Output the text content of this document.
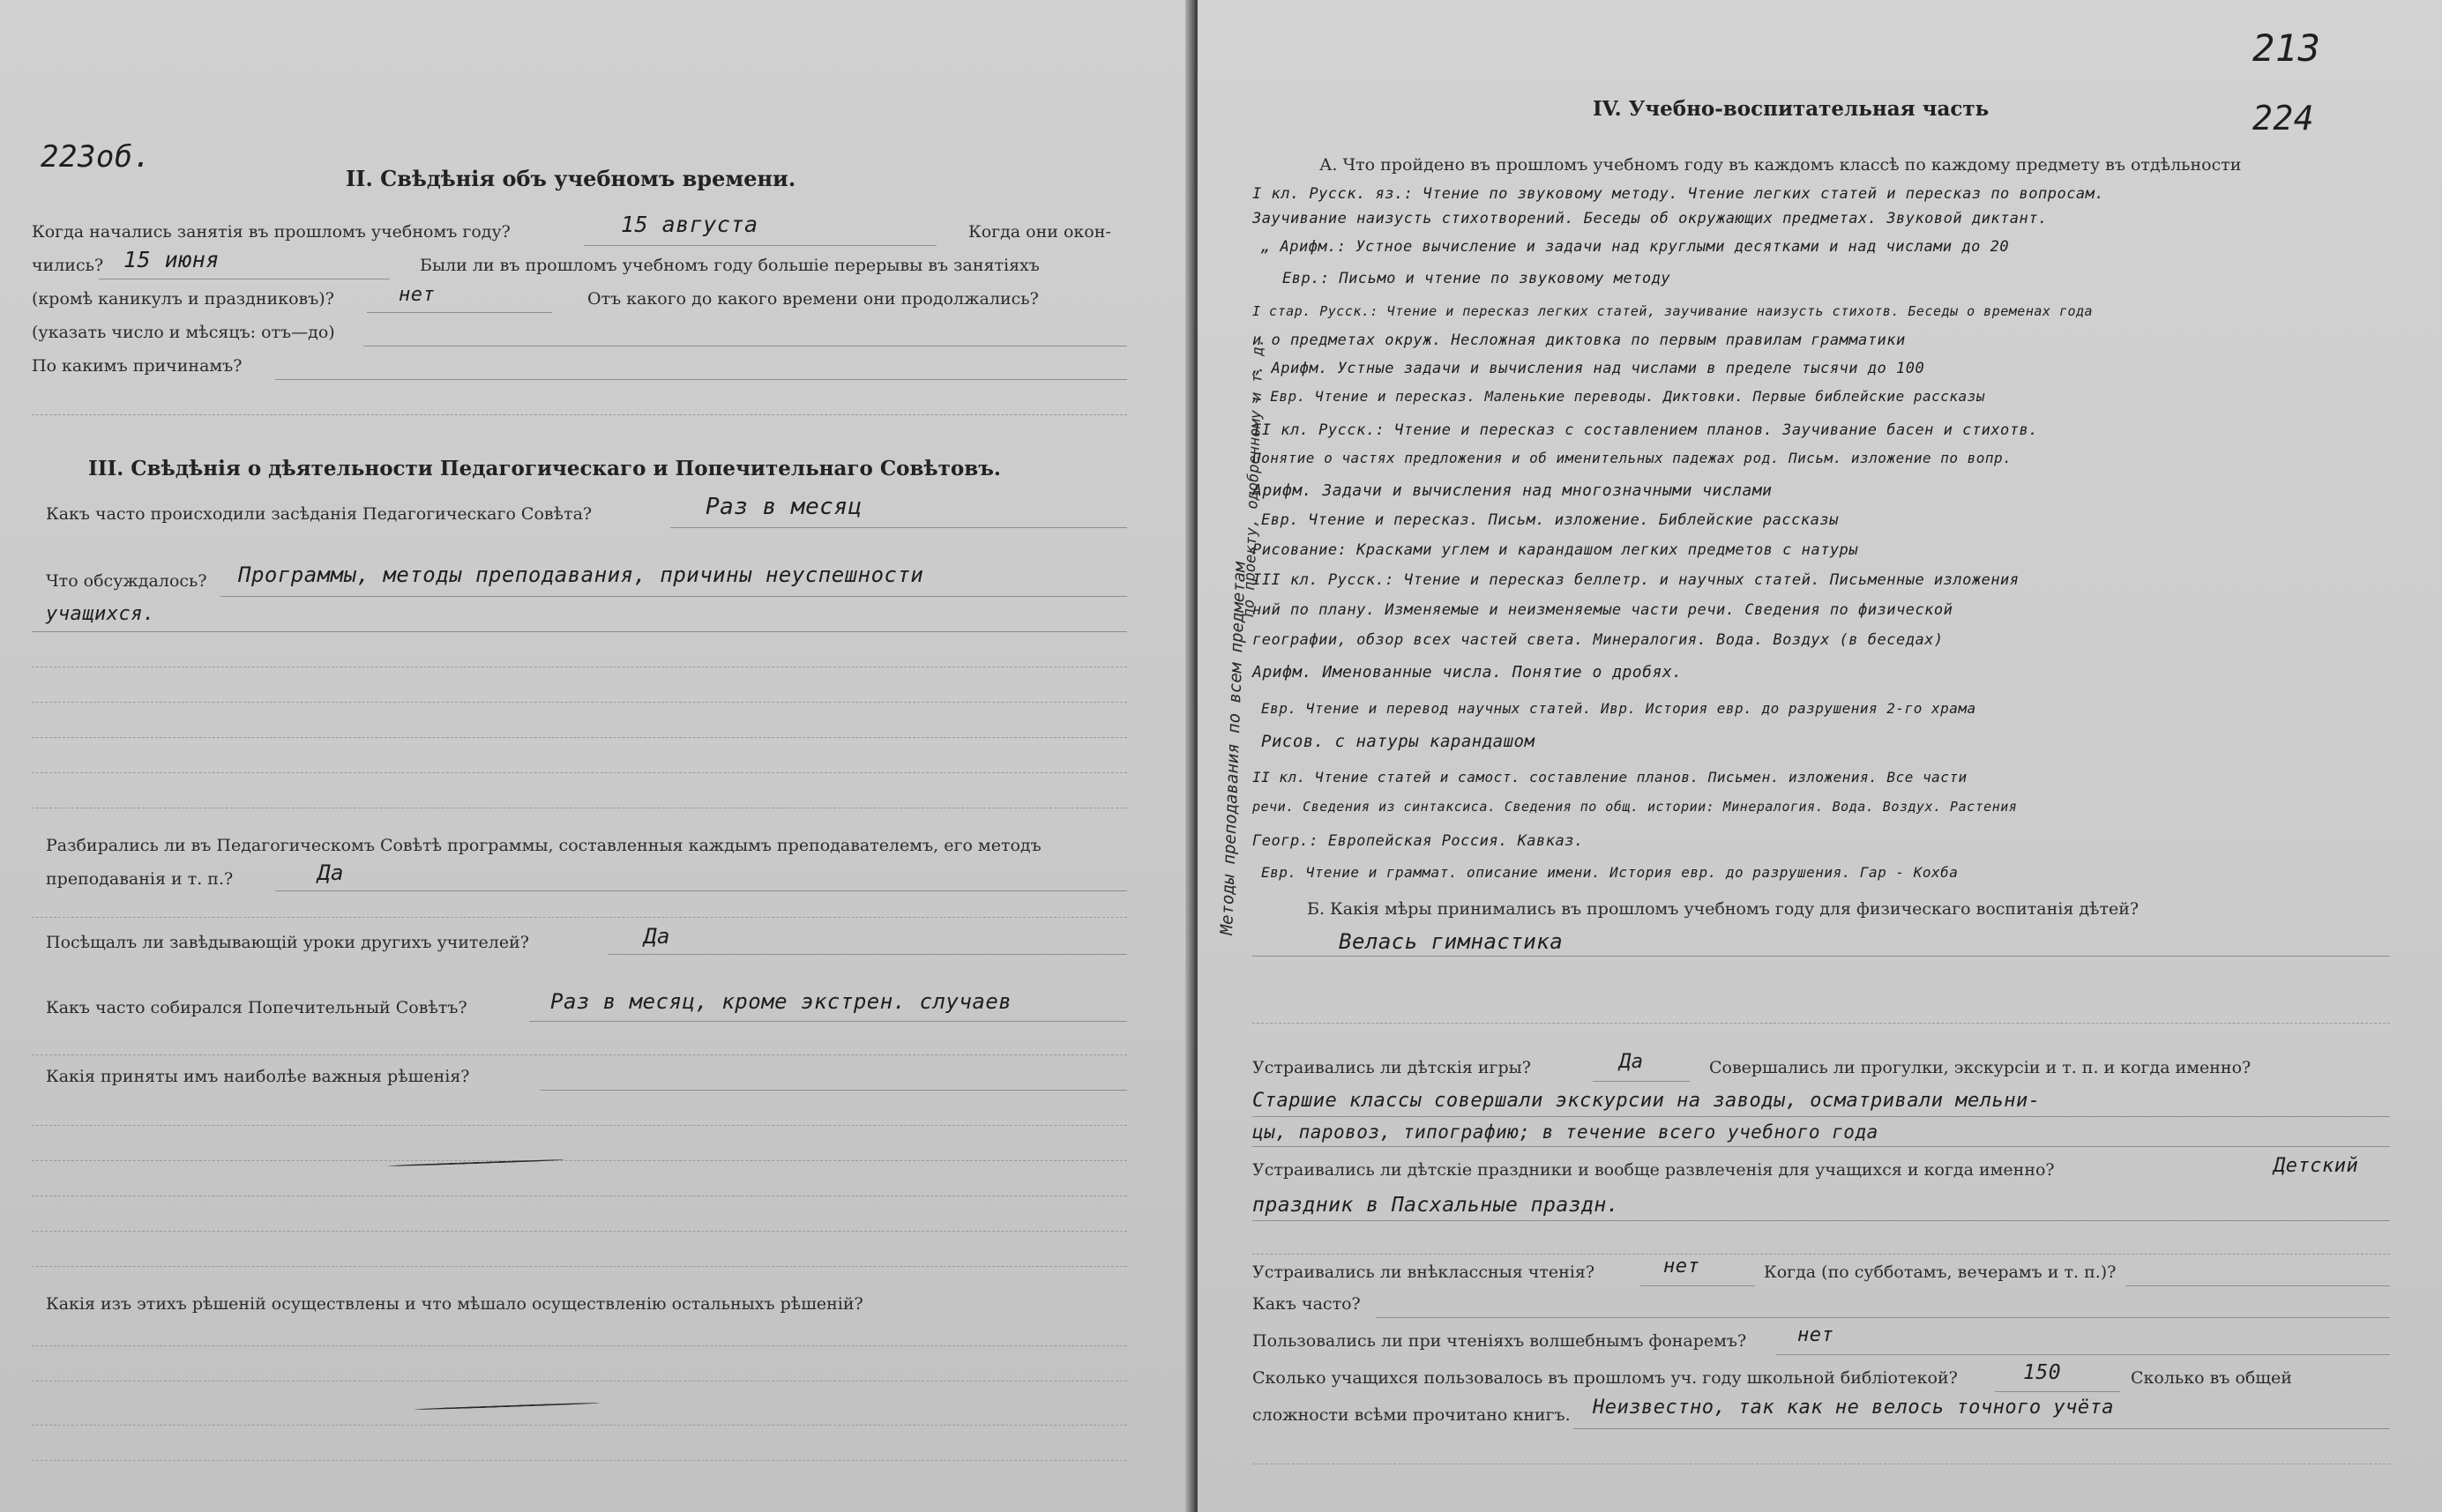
223об.
II. Свѣдѣнія объ учебномъ времени.
Когда начались занятія въ прошломъ учебномъ году?	15 августа	Когда они окон-
чились? 15 июня	Были ли въ прошломъ учебномъ году большіе перерывы въ занятіяхъ
(кромѣ каникулъ и праздниковъ)?	нет	Отъ какого до какого времени они продолжались?
(указать число и мѣсяцъ: отъ—до)
По какимъ причинамъ?
III. Свѣдѣнія о дѣятельности Педагогическаго и Попечительнаго Совѣтовъ.
Какъ часто происходили засѣданія Педагогическаго Совѣта?	Раз в месяц
Что обсуждалось? Программы, методы преподавания, причины неуспешности
учащихся.
Разбирались ли въ Педагогическомъ Совѣтѣ программы, составленныя каждымъ преподавателемъ, его методъ
преподаванія и т. п.?	Да
Посѣщалъ ли завѣдывающій уроки другихъ учителей?	Да
Какъ часто собирался Попечительный Совѣтъ?	Раз в месяц, кроме экстрен. случаев
Какія приняты имъ наиболѣе важныя рѣшенія?
Какія изъ этихъ рѣшеній осуществлены и что мѣшало осуществленію остальныхъ рѣшеній?
213
224
IV. Учебно-воспитательная часть
А. Что пройдено въ прошломъ учебномъ году въ каждомъ классѣ по каждому предмету въ отдѣльности
I кл. Русск. яз.: Чтение по звуковому методу. Чтение легких статей и пересказ по вопросам.
Заучивание наизусть стихотворений. Беседы об окружающих предметах. Звуковой диктант.
„ Арифм.: Устное вычисление и задачи над круглыми десятками и над числами до 20
Евр.: Письмо и чтение по звуковому методу
I стар. Русск.: Чтение и пересказ легких статей, заучивание наизусть стихотв. Беседы о временах года
и о предметах окруж. Несложная диктовка по первым правилам грамматики
„ Арифм. Устные задачи и вычисления над числами в пределе тысячи до 100
„ Евр. Чтение и пересказ. Маленькие переводы. Диктовки. Первые библейские рассказы
II кл. Русск.: Чтение и пересказ с составлением планов. Заучивание басен и стихотв.
Понятие о частях предложения и об именительных падежах род. Письм. изложение по вопр.
Арифм. Задачи и вычисления над многозначными числами
Евр. Чтение и пересказ. Письм. изложение. Библейские рассказы
Рисование: Красками углем и карандашом легких предметов с натуры
III кл. Русск.: Чтение и пересказ беллетр. и научных статей. Письменные изложения
ний по плану. Изменяемые и неизменяемые части речи. Сведения по физической
географии, обзор всех частей света. Минералогия. Вода. Воздух (в беседах)
Арифм. Именованные числа. Понятие о дробях.
Евр. Чтение и перевод научных статей. Ивр. История евр. до разрушения 2-го храма
Рисов. с натуры карандашом
II кл. Чтение статей и самост. составление планов. Письмен. изложения. Все части
речи. Сведения из синтаксиса. Сведения по общ. истории: Минералогия. Вода. Воздух. Растения
Геогр.: Европейская Россия. Кавказ.
Евр. Чтение и граммат. описание имени. История евр. до разрушения. Гар - Кохба
Б. Какія мѣры принимались въ прошломъ учебномъ году для физическаго воспитанія дѣтей?
Велась гимнастика
Устраивались ли дѣтскія игры?	Да	Совершались ли прогулки, экскурсіи и т. п. и когда именно?
Старшие классы совершали экскурсии на заводы, осматривали мельни-
цы, паровоз, типографию; в течение всего учебного года
Устраивались ли дѣтскіе праздники и вообще развлеченія для учащихся и когда именно?	Детский
праздник в Пасхальные праздн.
Устраивались ли внѣклассныя чтенія?	нет	Когда (по субботамъ, вечерамъ и т. п.)?
Какъ часто?
Пользовались ли при чтеніяхъ волшебнымъ фонаремъ?	нет
Сколько учащихся пользовалось въ прошломъ уч. году школьной библіотекой?	150	Сколько въ общей
сложности всѣми прочитано книгъ. Неизвестно, так как не велось точного учёта
Методы преподавания по всем предметам
по проекту, одобренному и т. д.
